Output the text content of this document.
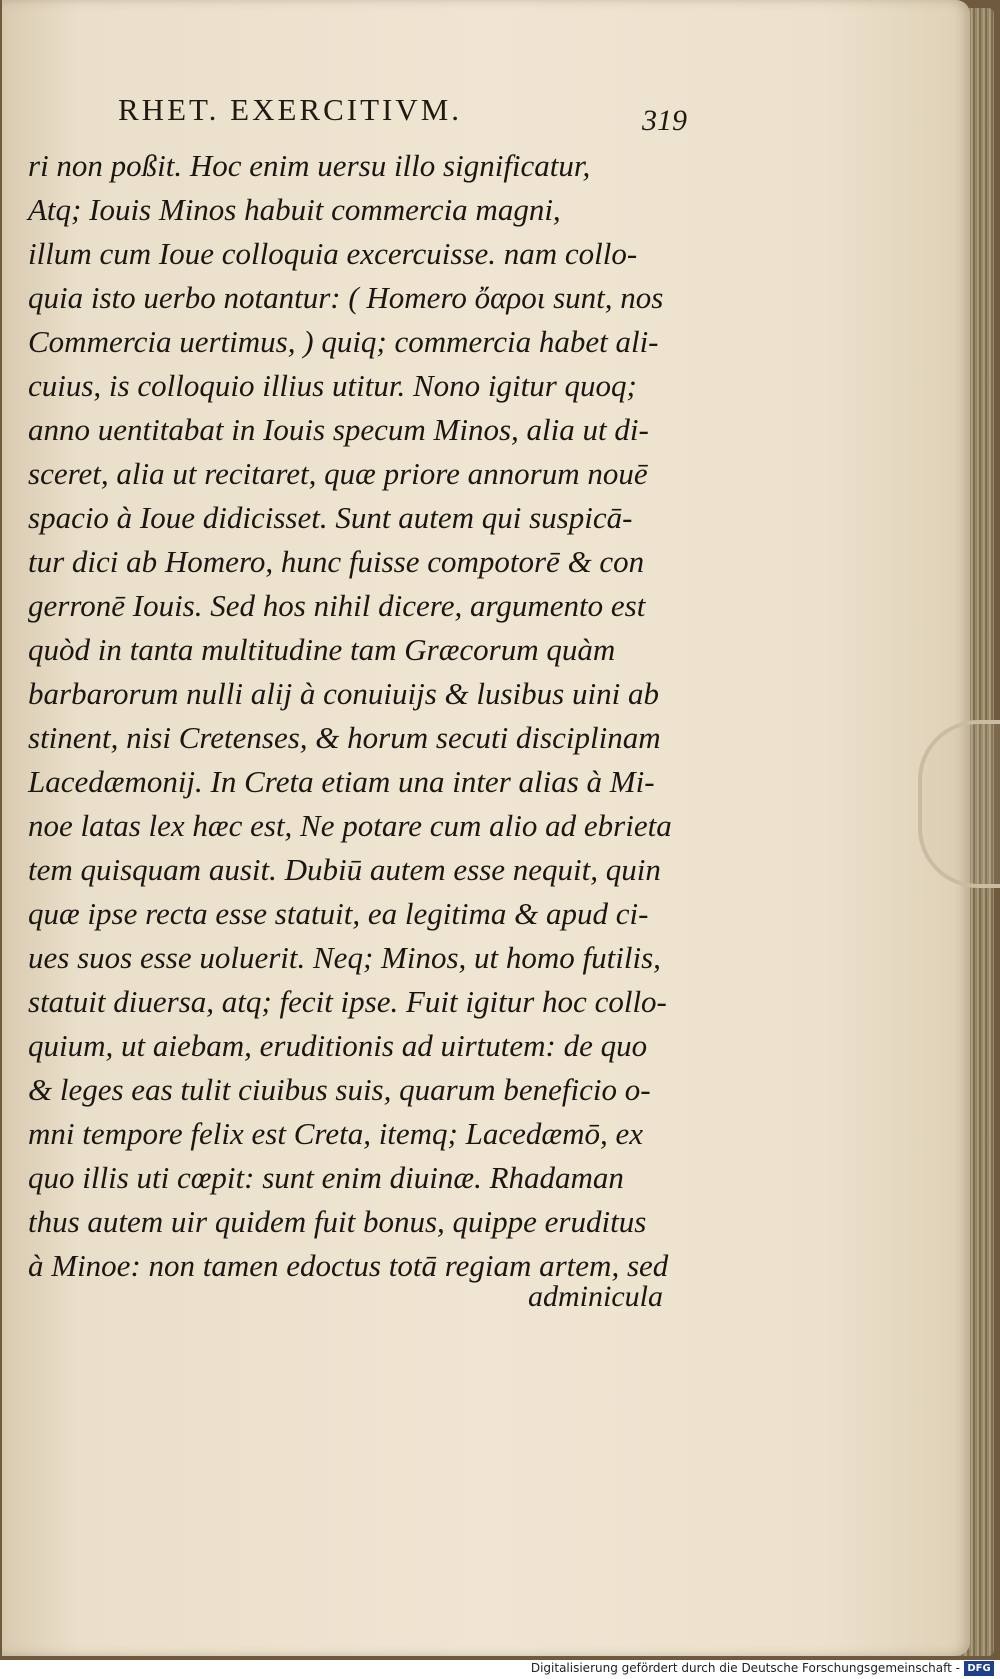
RHET. EXERCITIVM.	319
ri non poßit. Hoc enim uersu illo significatur,
Atq; Iouis Minos habuit commercia magni,
illum cum Ioue colloquia excercuisse. nam collo-
quia isto uerbo notantur: ( Homero ὄαροι sunt, nos
Commercia uertimus, ) quiq; commercia habet ali-
cuius, is colloquio illius utitur. Nono igitur quoq;
anno uentitabat in Iouis specum Minos, alia ut di-
sceret, alia ut recitaret, quæ priore annorum nouē
spacio à Ioue didicisset. Sunt autem qui suspicā-
tur dici ab Homero, hunc fuisse compotorē & con
gerronē Iouis. Sed hos nihil dicere, argumento est
quòd in tanta multitudine tam Græcorum quàm
barbarorum nulli alij à conuiuijs & lusibus uini ab
stinent, nisi Cretenses, & horum secuti disciplinam
Lacedæmonij. In Creta etiam una inter alias à Mi-
noe latas lex hæc est, Ne potare cum alio ad ebrieta
tem quisquam ausit. Dubiū autem esse nequit, quin
quæ ipse recta esse statuit, ea legitima & apud ci-
ues suos esse uoluerit. Neq; Minos, ut homo futilis,
statuit diuersa, atq; fecit ipse. Fuit igitur hoc collo-
quium, ut aiebam, eruditionis ad uirtutem: de quo
& leges eas tulit ciuibus suis, quarum beneficio o-
mni tempore felix est Creta, itemq; Lacedæmō, ex
quo illis uti cœpit: sunt enim diuinæ. Rhadaman
thus autem uir quidem fuit bonus, quippe eruditus
à Minoe: non tamen edoctus totā regiam artem, sed
adminicula
Digitalisierung gefördert durch die Deutsche Forschungsgemeinschaft - DFG
